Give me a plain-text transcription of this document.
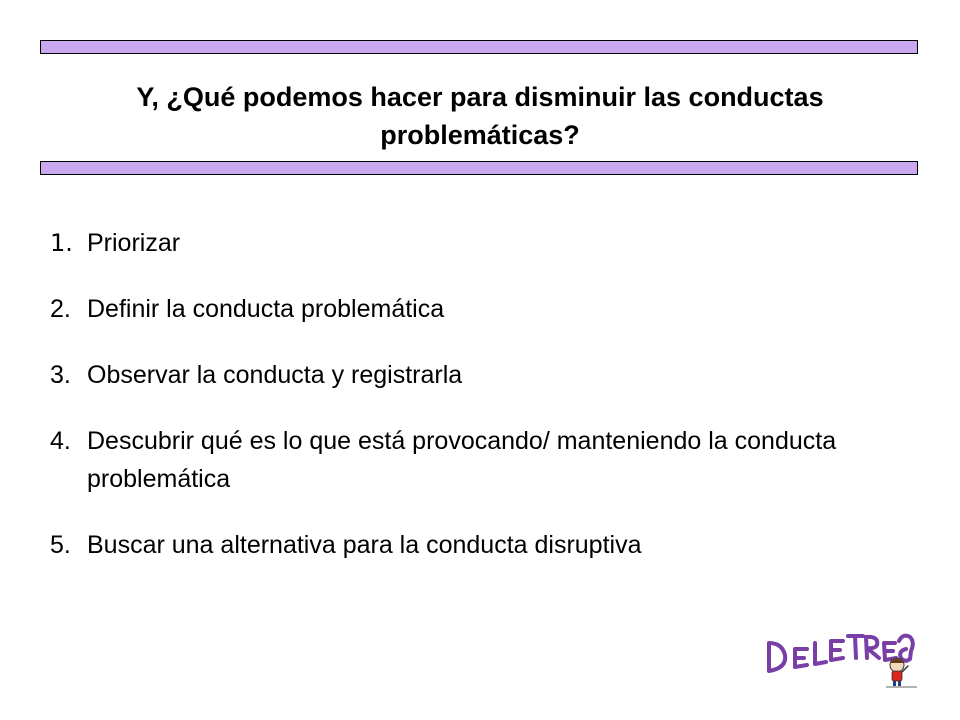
Y, ¿Qué podemos hacer para disminuir las conductas problemáticas?
1. Priorizar
2. Definir la conducta problemática
3. Observar la conducta y registrarla
4. Descubrir qué es lo que está provocando/ manteniendo la conducta problemática
5. Buscar una alternativa para la conducta disruptiva
